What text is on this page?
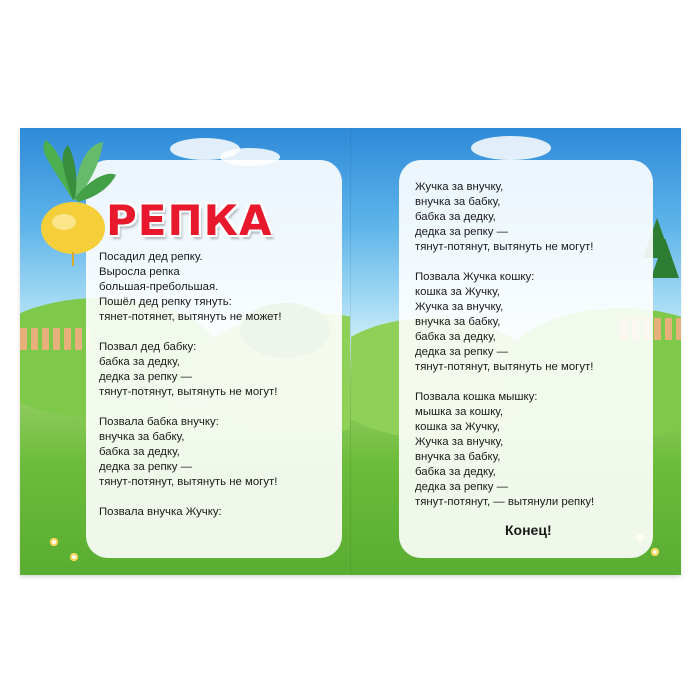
РЕПКА
Посадил дед репку.
Выросла репка
большая-пребольшая.
Пошёл дед репку тянуть:
тянет-потянет, вытянуть не может!

Позвал дед бабку:
бабка за дедку,
дедка за репку —
тянут-потянут, вытянуть не могут!

Позвала бабка внучку:
внучка за бабку,
бабка за дедку,
дедка за репку —
тянут-потянут, вытянуть не могут!

Позвала внучка Жучку:
Жучка за внучку,
внучка за бабку,
бабка за дедку,
дедка за репку —
тянут-потянут, вытянуть не могут!

Позвала Жучка кошку:
кошка за Жучку,
Жучка за внучку,
внучка за бабку,
бабка за дедку,
дедка за репку —
тянут-потянут, вытянуть не могут!

Позвала кошка мышку:
мышка за кошку,
кошка за Жучку,
Жучка за внучку,
внучка за бабку,
бабка за дедку,
дедка за репку —
тянут-потянут, — вытянули репку!
Конец!
